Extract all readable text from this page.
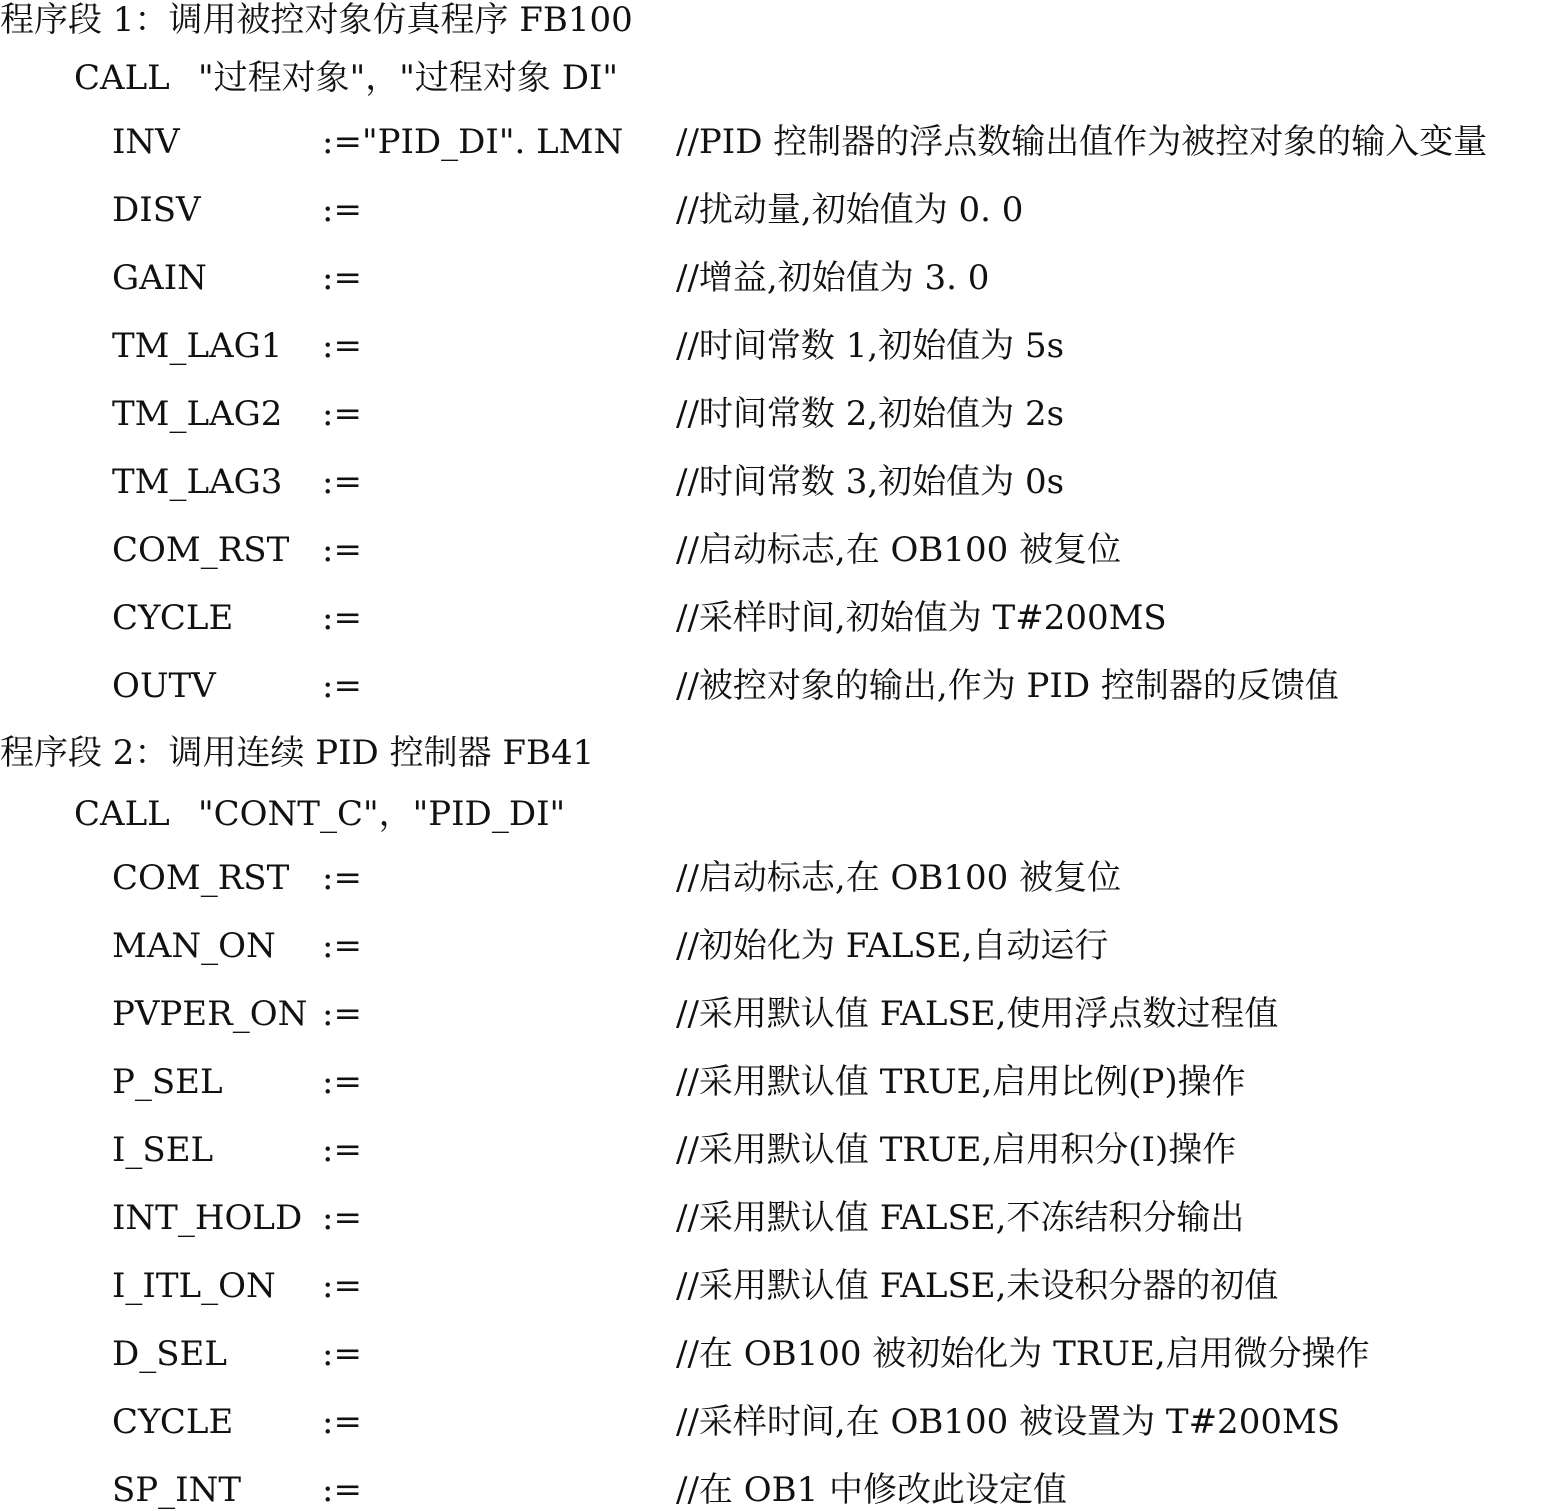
程序段 1：调用被控对象仿真程序 FB100
CALL "过程对象"，"过程对象 DI"
INV	:="PID_DI". LMN //PID 控制器的浮点数输出值作为被控对象的输入变量
DISV	:=	//扰动量,初始值为 0. 0
GAIN	:=	//增益,初始值为 3. 0
TM_LAG1 :=	//时间常数 1,初始值为 5s
TM_LAG2 :=	//时间常数 2,初始值为 2s
TM_LAG3 :=	//时间常数 3,初始值为 0s
COM_RST :=	//启动标志,在 OB100 被复位
CYCLE	:=	//采样时间,初始值为 T#200MS
OUTV	:=	//被控对象的输出,作为 PID 控制器的反馈值
程序段 2：调用连续 PID 控制器 FB41
CALL "CONT_C"，"PID_DI"
COM_RST :=	//启动标志,在 OB100 被复位
MAN_ON :=	//初始化为 FALSE,自动运行
PVPER_ON :=	//采用默认值 FALSE,使用浮点数过程值
P_SEL	:=	//采用默认值 TRUE,启用比例(P)操作
I_SEL	:=	//采用默认值 TRUE,启用积分(I)操作
INT_HOLD :=	//采用默认值 FALSE,不冻结积分输出
I_ITL_ON :=	//采用默认值 FALSE,未设积分器的初值
D_SEL	:=	//在 OB100 被初始化为 TRUE,启用微分操作
CYCLE	:=	//采样时间,在 OB100 被设置为 T#200MS
SP_INT :=	//在 OB1 中修改此设定值
